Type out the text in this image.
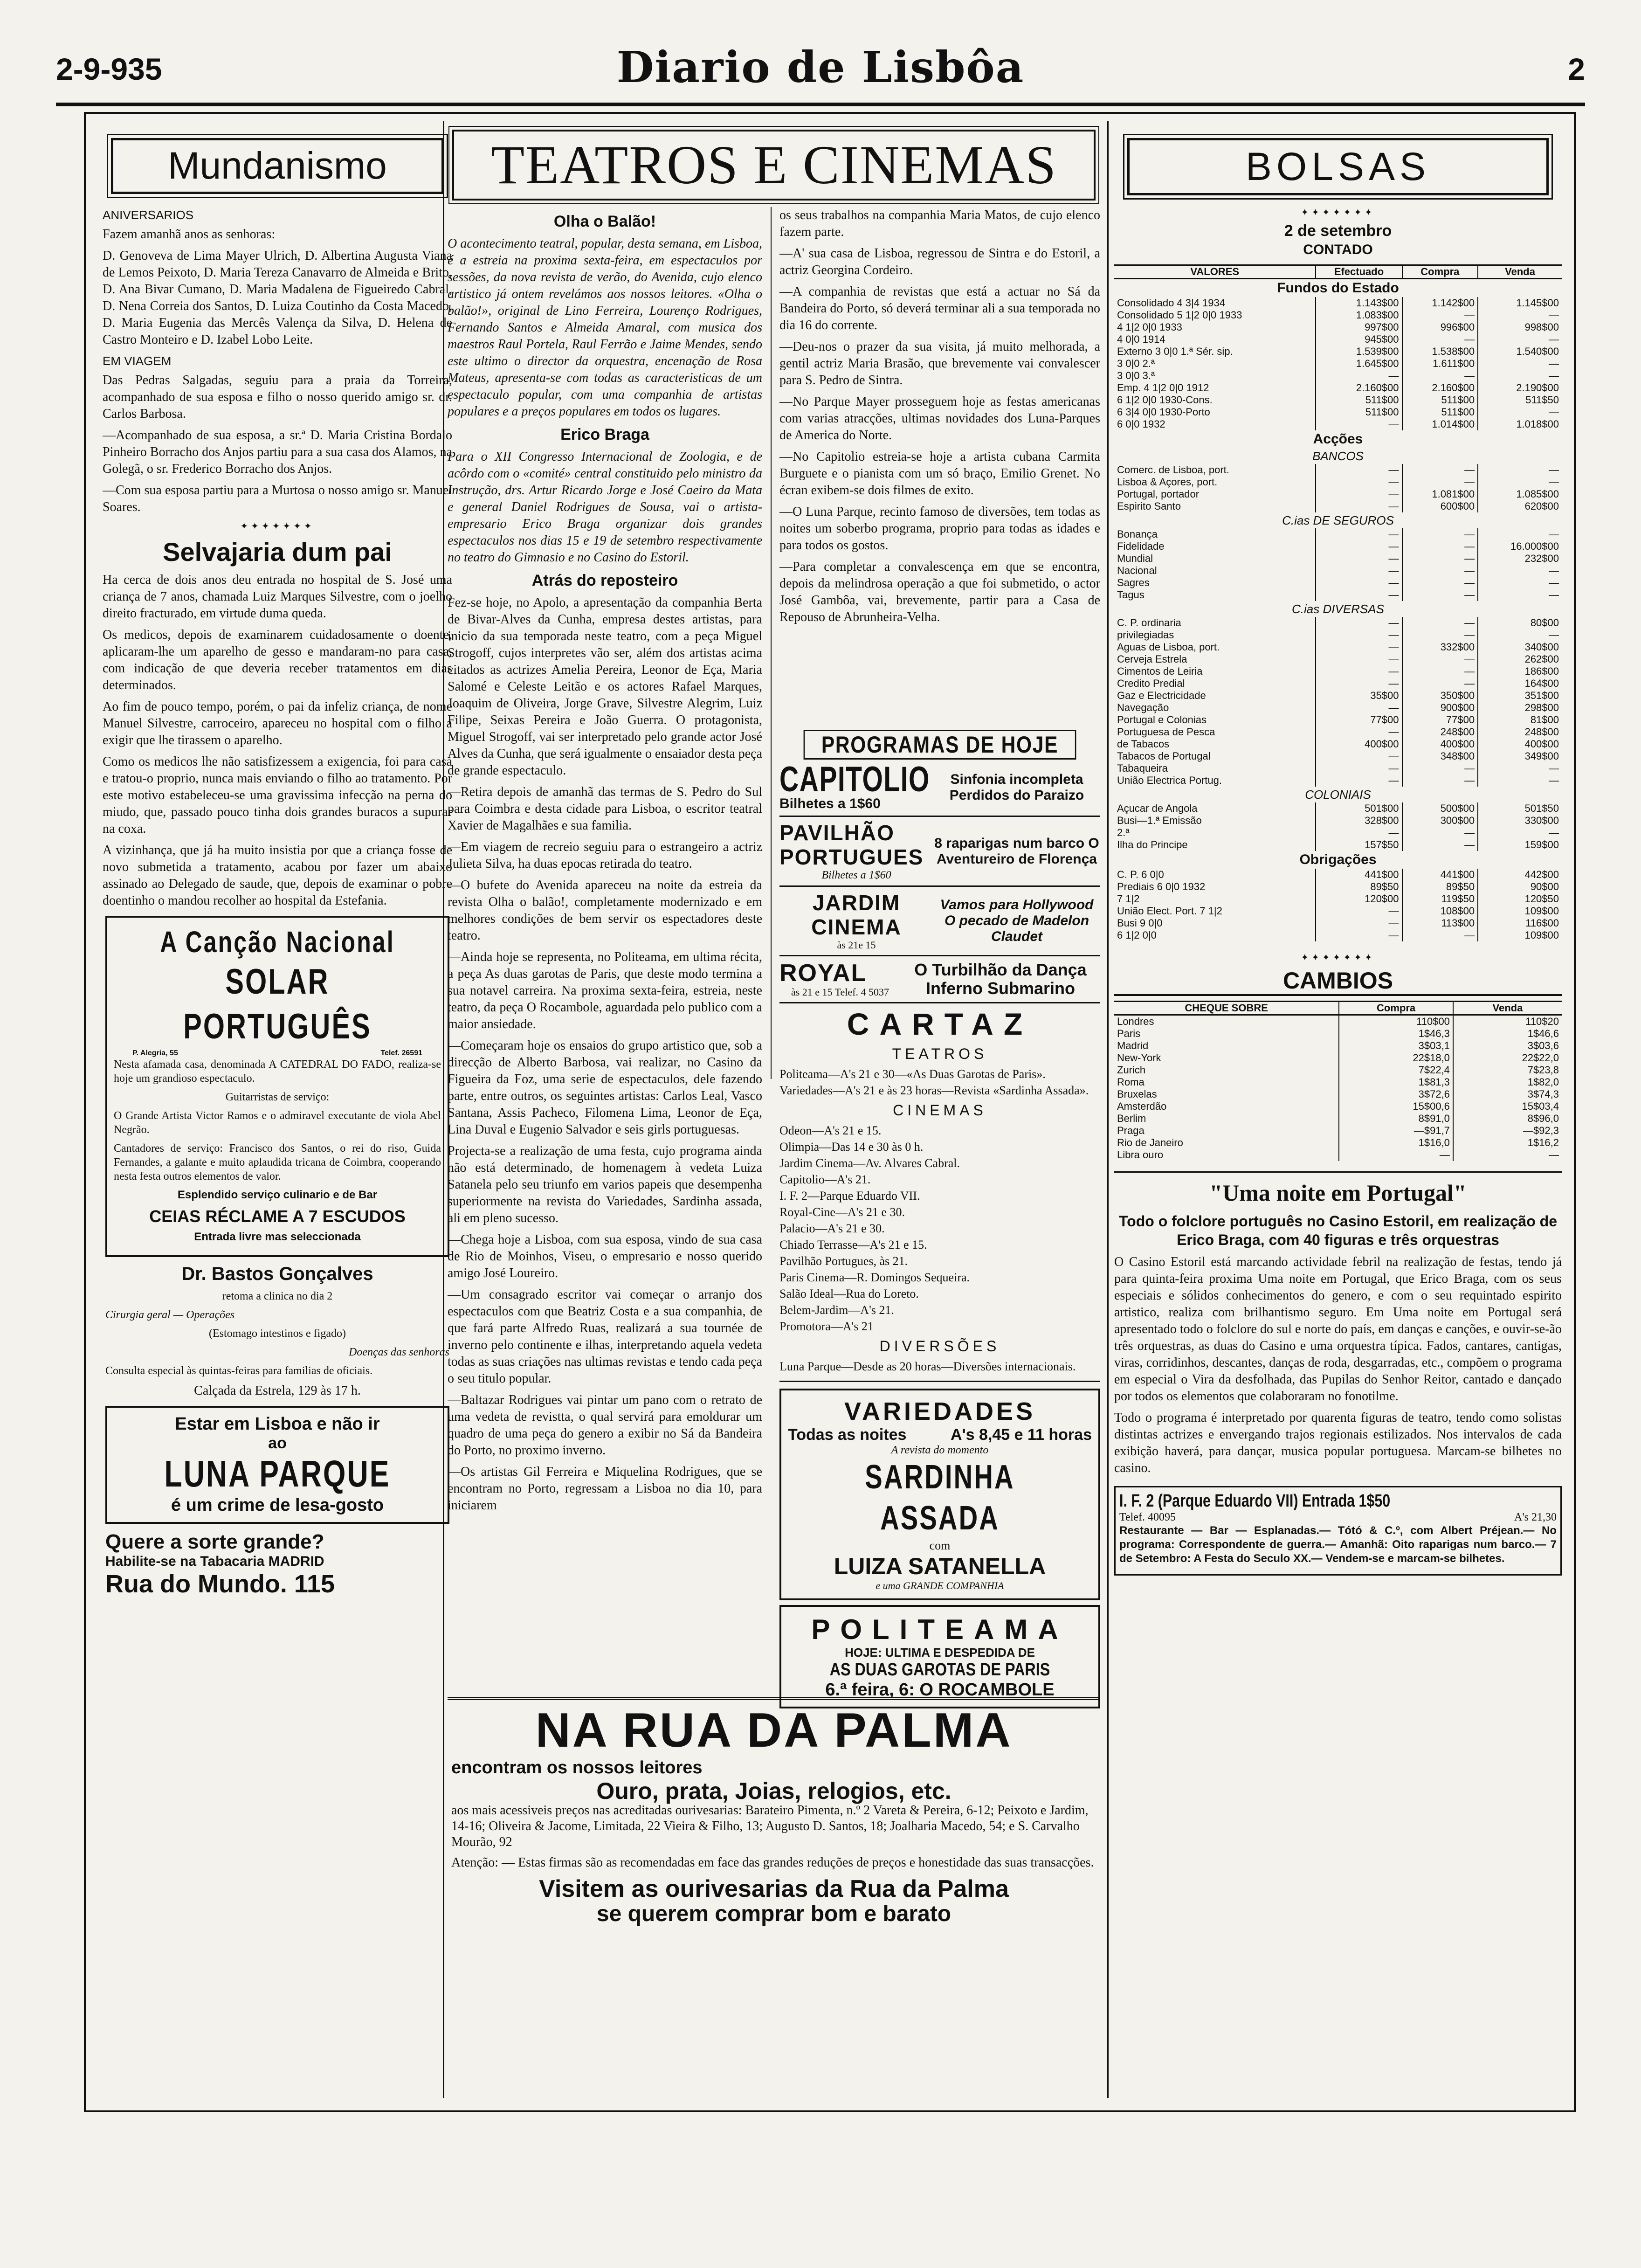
2-9-935	Diario de Lisbôa	2
Mundanismo
ANIVERSARIOS

Fazem amanhã anos as senhoras:

D. Genoveva de Lima Mayer Ulrich, D. Albertina Augusta Viana de Lemos Peixoto, D. Maria Tereza Canavarro de Almeida e Brito, D. Ana Bivar Cumano, D. Maria Madalena de Figueiredo Cabral, D. Nena Correia dos Santos, D. Luiza Coutinho da Costa Macedo, D. Maria Eugenia das Mercês Valença da Silva, D. Helena de Castro Monteiro e D. Izabel Lobo Leite.

EM VIAGEM

Das Pedras Salgadas, seguiu para a praia da Torreira, acompanhado de sua esposa e filho o nosso querido amigo sr. dr. Carlos Barbosa.

—Acompanhado de sua esposa, a sr.ª D. Maria Cristina Bordalo Pinheiro Borracho dos Anjos partiu para a sua casa dos Alamos, na Golegã, o sr. Frederico Borracho dos Anjos.

—Com sua esposa partiu para a Murtosa o nosso amigo sr. Manuel Soares.

✦✦✦✦✦✦✦
Selvajaria dum pai

Ha cerca de dois anos deu entrada no hospital de S. José uma criança de 7 anos, chamada Luiz Marques Silvestre, com o joelho direito fracturado, em virtude duma queda.

Os medicos, depois de examinarem cuidadosamente o doente, aplicaram-lhe um aparelho de gesso e mandaram-no para casa, com indicação de que deveria receber tratamentos em dias determinados.

Ao fim de pouco tempo, porém, o pai da infeliz criança, de nome Manuel Silvestre, carroceiro, apareceu no hospital com o filho a exigir que lhe tirassem o aparelho.

Como os medicos lhe não satisfizessem a exigencia, foi para casa e tratou-o proprio, nunca mais enviando o filho ao tratamento. Por este motivo estabeleceu-se uma gravissima infecção na perna do miudo, que, passado pouco tinha dois grandes buracos a supurar na coxa.

A vizinhança, que já ha muito insistia por que a criança fosse de novo submetida a tratamento, acabou por fazer um abaixo assinado ao Delegado de saude, que, depois de examinar o pobre doentinho o mandou recolher ao hospital da Estefania.

A Canção Nacional
SOLAR PORTUGUÊS
P. Alegria, 55	Telef. 26591

Nesta afamada casa, denominada A CATEDRAL DO FADO, realiza-se hoje um grandioso espectaculo.

Guitarristas de serviço:

O Grande Artista Victor Ramos e o admiravel executante de viola Abel Negrão.

Cantadores de serviço: Francisco dos Santos, o rei do riso, Guida Fernandes, a galante e muito aplaudida tricana de Coimbra, cooperando nesta festa outros elementos de valor.

Esplendido serviço culinario e de Bar

CEIAS RÉCLAME A 7 ESCUDOS

Entrada livre mas seleccionada

Dr. Bastos Gonçalves

retoma a clinica no dia 2

Cirurgia geral — Operações

(Estomago intestinos e figado)

Doenças das senhoras

Consulta especial às quintas-feiras para familias de oficiais.

Calçada da Estrela, 129 às 17 h.

Estar em Lisboa e não ir
ao
LUNA PARQUE
é um crime de lesa-gosto
Quere a sorte grande?
Habilite-se na Tabacaria MADRID
Rua do Mundo. 115
TEATROS E CINEMAS
Olha o Balão!

O acontecimento teatral, popular, desta semana, em Lisboa, é a estreia na proxima sexta-feira, em espectaculos por sessões, da nova revista de verão, do Avenida, cujo elenco artistico já ontem revelámos aos nossos leitores. «Olha o balão!», original de Lino Ferreira, Lourenço Rodrigues, Fernando Santos e Almeida Amaral, com musica dos maestros Raul Portela, Raul Ferrão e Jaime Mendes, sendo este ultimo o director da orquestra, encenação de Rosa Mateus, apresenta-se com todas as caracteristicas de um espectaculo popular, com uma companhia de artistas populares e a preços populares em todos os lugares.

Erico Braga

Para o XII Congresso Internacional de Zoologia, e de acôrdo com o «comité» central constituido pelo ministro da Instrução, drs. Artur Ricardo Jorge e José Caeiro da Mata e general Daniel Rodrigues de Sousa, vai o artista-empresario Erico Braga organizar dois grandes espectaculos nos dias 15 e 19 de setembro respectivamente no teatro do Gimnasio e no Casino do Estoril.

Atrás do reposteiro

Fez-se hoje, no Apolo, a apresentação da companhia Berta de Bivar-Alves da Cunha, empresa destes artistas, para inicio da sua temporada neste teatro, com a peça Miguel Strogoff, cujos interpretes vão ser, além dos artistas acima citados as actrizes Amelia Pereira, Leonor de Eça, Maria Salomé e Celeste Leitão e os actores Rafael Marques, Joaquim de Oliveira, Jorge Grave, Silvestre Alegrim, Luiz Filipe, Seixas Pereira e João Guerra. O protagonista, Miguel Strogoff, vai ser interpretado pelo grande actor José Alves da Cunha, que será igualmente o ensaiador desta peça de grande espectaculo.

—Retira depois de amanhã das termas de S. Pedro do Sul para Coimbra e desta cidade para Lisboa, o escritor teatral Xavier de Magalhães e sua familia.

—Em viagem de recreio seguiu para o estrangeiro a actriz Julieta Silva, ha duas epocas retirada do teatro.

—O bufete do Avenida apareceu na noite da estreia da revista Olha o balão!, completamente modernizado e em melhores condições de bem servir os espectadores deste teatro.

—Ainda hoje se representa, no Politeama, em ultima récita, a peça As duas garotas de Paris, que deste modo termina a sua notavel carreira. Na proxima sexta-feira, estreia, neste teatro, da peça O Rocambole, aguardada pelo publico com a maior ansiedade.

—Começaram hoje os ensaios do grupo artistico que, sob a direcção de Alberto Barbosa, vai realizar, no Casino da Figueira da Foz, uma serie de espectaculos, dele fazendo parte, entre outros, os seguintes artistas: Carlos Leal, Vasco Santana, Assis Pacheco, Filomena Lima, Leonor de Eça, Lina Duval e Eugenio Salvador e seis girls portuguesas.

Projecta-se a realização de uma festa, cujo programa ainda não está determinado, de homenagem à vedeta Luiza Satanela pelo seu triunfo em varios papeis que desempenha superiormente na revista do Variedades, Sardinha assada, ali em pleno sucesso.

—Chega hoje a Lisboa, com sua esposa, vindo de sua casa de Rio de Moinhos, Viseu, o empresario e nosso querido amigo José Loureiro.

—Um consagrado escritor vai começar o arranjo dos espectaculos com que Beatriz Costa e a sua companhia, de que fará parte Alfredo Ruas, realizará a sua tournée de inverno pelo continente e ilhas, interpretando aquela vedeta todas as suas criações nas ultimas revistas e tendo cada peça o seu titulo popular.

—Baltazar Rodrigues vai pintar um pano com o retrato de uma vedeta de revistta, o qual servirá para emoldurar um quadro de uma peça do genero a exibir no Sá da Bandeira do Porto, no proximo inverno.

—Os artistas Gil Ferreira e Miquelina Rodrigues, que se encontram no Porto, regressam a Lisboa no dia 10, para iniciarem

os seus trabalhos na companhia Maria Matos, de cujo elenco fazem parte.

—A' sua casa de Lisboa, regressou de Sintra e do Estoril, a actriz Georgina Cordeiro.

—A companhia de revistas que está a actuar no Sá da Bandeira do Porto, só deverá terminar ali a sua temporada no dia 16 do corrente.

—Deu-nos o prazer da sua visita, já muito melhorada, a gentil actriz Maria Brasão, que brevemente vai convalescer para S. Pedro de Sintra.

—No Parque Mayer prosseguem hoje as festas americanas com varias atracções, ultimas novidades dos Luna-Parques de America do Norte.

—No Capitolio estreia-se hoje a artista cubana Carmita Burguete e o pianista com um só braço, Emilio Grenet. No écran exibem-se dois filmes de exito.

—O Luna Parque, recinto famoso de diversões, tem todas as noites um soberbo programa, proprio para todas as idades e para todos os gostos.

—Para completar a convalescença em que se encontra, depois da melindrosa operação a que foi submetido, o actor José Gambôa, vai, brevemente, partir para a Casa de Repouso de Abrunheira-Velha.

PROGRAMAS DE HOJE
CAPITOLIO
Bilhetes a 1$60
Sinfonia incompleta Perdidos do Paraizo
PAVILHÃO PORTUGUES
Bilhetes a 1$60
8 raparigas num barco O Aventureiro de Florença
JARDIM CINEMA
às 21e 15
Vamos para Hollywood O pecado de Madelon Claudet
ROYAL
às 21 e 15 Telef. 4 5037
O Turbilhão da Dança Inferno Submarino
CARTAZ
TEATROS

Politeama—A's 21 e 30—«As Duas Garotas de Paris».

Variedades—A's 21 e às 23 horas—Revista «Sardinha Assada».

CINEMAS

Odeon—A's 21 e 15.

Olimpia—Das 14 e 30 às 0 h.

Jardim Cinema—Av. Alvares Cabral.

Capitolio—A's 21.

I. F. 2—Parque Eduardo VII.

Royal-Cine—A's 21 e 30.

Palacio—A's 21 e 30.

Chiado Terrasse—A's 21 e 15.

Pavilhão Portugues, às 21.

Paris Cinema—R. Domingos Sequeira.

Salão Ideal—Rua do Loreto.

Belem-Jardim—A's 21.

Promotora—A's 21

DIVERSÕES

Luna Parque—Desde as 20 horas—Diversões internacionais.

VARIEDADES
Todas as noites	A's 8,45 e 11 horas
A revista do momento
SARDINHA ASSADA
com
LUIZA SATANELLA
e uma GRANDE COMPANHIA
POLITEAMA
HOJE: ULTIMA E DESPEDIDA DE
AS DUAS GAROTAS DE PARIS
6.ª feira, 6: O ROCAMBOLE
NA RUA DA PALMA
encontram os nossos leitores
Ouro, prata, Joias, relogios, etc.

aos mais acessiveis preços nas acreditadas ourivesarias: Barateiro Pimenta, n.º 2 Vareta & Pereira, 6-12; Peixoto e Jardim, 14-16; Oliveira & Jacome, Limitada, 22 Vieira & Filho, 13; Augusto D. Santos, 18; Joalharia Macedo, 54; e S. Carvalho Mourão, 92

Atenção: — Estas firmas são as recomendadas em face das grandes reduções de preços e honestidade das suas transacções.

Visitem as ourivesarias da Rua da Palma
se querem comprar bom e barato
BOLSAS
✦✦✦✦✦✦✦
2 de setembro
CONTADO
VALORES	Efectuado	Compra	Venda
Fundos do Estado			
Consolidado 4 3|4 1934	1.143$00	1.142$00	1.145$00
Consolidado 5 1|2 0|0 1933	1.083$00	—	—
4 1|2 0|0 1933	997$00	996$00	998$00
4 0|0 1914	945$00	—	—
Externo 3 0|0 1.ª Sér. sip.	1.539$00	1.538$00	1.540$00
3 0|0 2.ª	1.645$00	1.611$00	—
3 0|0 3.ª	—	—	—
Emp. 4 1|2 0|0 1912	2.160$00	2.160$00	2.190$00
6 1|2 0|0 1930-Cons.	511$00	511$00	511$50
6 3|4 0|0 1930-Porto	511$00	511$00	—
6 0|0 1932	—	1.014$00	1.018$00
Acções			
BANCOS			
Comerc. de Lisboa, port.	—	—	—
Lisboa & Açores, port.	—	—	—
Portugal, portador	—	1.081$00	1.085$00
Espirito Santo	—	600$00	620$00
C.ias DE SEGUROS			
Bonança	—	—	—
Fidelidade	—	—	16.000$00
Mundial	—	—	232$00
Nacional	—	—	—
Sagres	—	—	—
Tagus	—	—	—
C.ias DIVERSAS			
C. P. ordinaria	—	—	80$00
privilegiadas	—	—	—
Aguas de Lisboa, port.	—	332$00	340$00
Cerveja Estrela	—	—	262$00
Cimentos de Leiria	—	—	186$00
Credito Predial	—	—	164$00
Gaz e Electricidade	35$00	350$00	351$00
Navegação	—	900$00	298$00
Portugal e Colonias	77$00	77$00	81$00
Portuguesa de Pesca	—	248$00	248$00
de Tabacos	400$00	400$00	400$00
Tabacos de Portugal	—	348$00	349$00
Tabaqueira	—	—	—
União Electrica Portug.	—	—	—
COLONIAIS			
Açucar de Angola	501$00	500$00	501$50
Busi—1.ª Emissão	328$00	300$00	330$00
2.ª	—	—	—
Ilha do Principe	157$50	—	159$00
Obrigações			
C. P. 6 0|0	441$00	441$00	442$00
Prediais 6 0|0 1932	89$50	89$50	90$00
7 1|2	120$00	119$50	120$50
União Elect. Port. 7 1|2	—	108$00	109$00
Busi 9 0|0	—	113$00	116$00
6 1|2 0|0	—	—	109$00
✦✦✦✦✦✦✦
CAMBIOS
CHEQUE SOBRE	Compra	Venda
Londres	110$00	110$20
Paris	1$46,3	1$46,6
Madrid	3$03,1	3$03,6
New-York	22$18,0	22$22,0
Zurich	7$22,4	7$23,8
Roma	1$81,3	1$82,0
Bruxelas	3$72,6	3$74,3
Amsterdão	15$00,6	15$03,4
Berlim	8$91,0	8$96,0
Praga	—$91,7	—$92,3
Rio de Janeiro	1$16,0	1$16,2
Libra ouro	—	—
"Uma noite em Portugal"
Todo o folclore português no Casino Estoril, em realização de Erico Braga, com 40 figuras e três orquestras

O Casino Estoril está marcando actividade febril na realização de festas, tendo já para quinta-feira proxima Uma noite em Portugal, que Erico Braga, com os seus especiais e sólidos conhecimentos do genero, e com o seu requintado espirito artistico, realiza com brilhantismo seguro. Em Uma noite em Portugal será apresentado todo o folclore do sul e norte do país, em danças e canções, e ouvir-se-ão três orquestras, as duas do Casino e uma orquestra típica. Fados, cantares, cantigas, viras, corridinhos, descantes, danças de roda, desgarradas, etc., compõem o programa em especial o Vira da desfolhada, das Pupilas do Senhor Reitor, cantado e dançado por todos os elementos que colaboraram no fonotilme.

Todo o programa é interpretado por quarenta figuras de teatro, tendo como solistas distintas actrizes e envergando trajos regionais estilizados. Nos intervalos de cada exibição haverá, para dançar, musica popular portuguesa. Marcam-se bilhetes no casino.

I. F. 2 (Parque Eduardo VII) Entrada 1$50
Telef. 40095	A's 21,30

Restaurante — Bar — Esplanadas.— Tótó & C.º, com Albert Préjean.— No programa: Correspondente de guerra.— Amanhã: Oito raparigas num barco.— 7 de Setembro: A Festa do Seculo XX.— Vendem-se e marcam-se bilhetes.
